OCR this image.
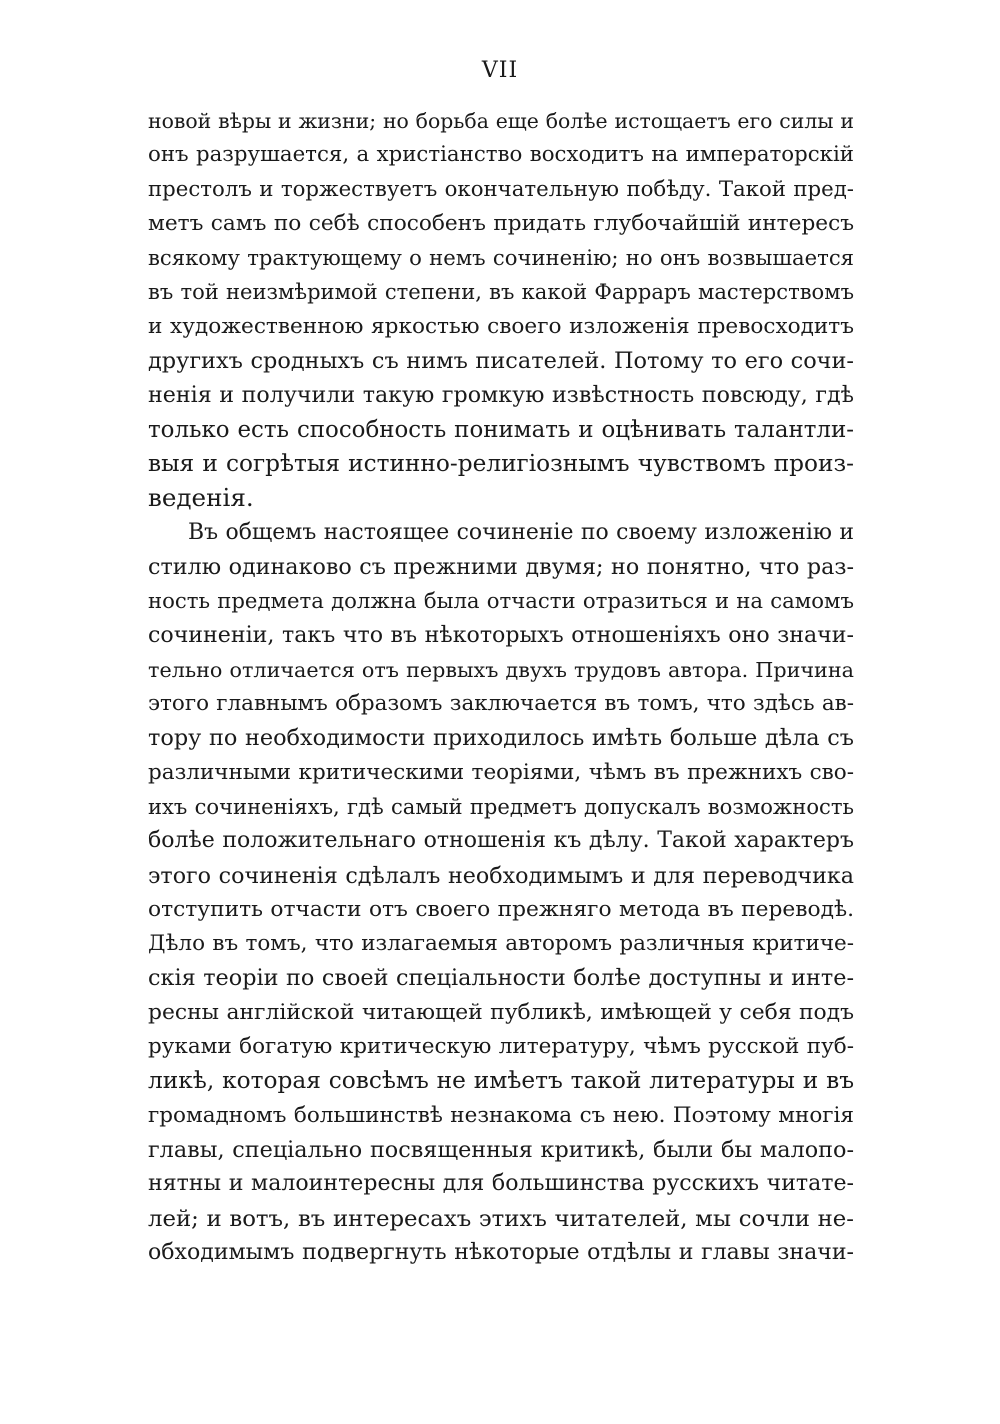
VII
новой вѣры и жизни; но борьба еще болѣе истощаетъ его силы и
онъ разрушается, а христіанство восходитъ на императорскій
престолъ и торжествуетъ окончательную побѣду. Такой пред-
метъ самъ по себѣ способенъ придать глубочайшій интересъ
всякому трактующему о немъ сочиненію; но онъ возвышается
въ той неизмѣримой степени, въ какой Фарраръ мастерствомъ
и художественною яркостью своего изложенія превосходитъ
другихъ сродныхъ съ нимъ писателей. Потому то его сочи-
ненія и получили такую громкую извѣстность повсюду, гдѣ
только есть способность понимать и оцѣнивать талантли-
выя и согрѣтыя истинно-религіознымъ чувствомъ произ-
веденія.
Въ общемъ настоящее сочиненіе по своему изложенію и
стилю одинаково съ прежними двумя; но понятно, что раз-
ность предмета должна была отчасти отразиться и на самомъ
сочиненіи, такъ что въ нѣкоторыхъ отношеніяхъ оно значи-
тельно отличается отъ первыхъ двухъ трудовъ автора. Причина
этого главнымъ образомъ заключается въ томъ, что здѣсь ав-
тору по необходимости приходилось имѣть больше дѣла съ
различными критическими теоріями, чѣмъ въ прежнихъ сво-
ихъ сочиненіяхъ, гдѣ самый предметъ допускалъ возможность
болѣе положительнаго отношенія къ дѣлу. Такой характеръ
этого сочиненія сдѣлалъ необходимымъ и для переводчика
отступить отчасти отъ своего прежняго метода въ переводѣ.
Дѣло въ томъ, что излагаемыя авторомъ различныя критиче-
скія теоріи по своей спеціальности болѣе доступны и инте-
ресны англійской читающей публикѣ, имѣющей у себя подъ
руками богатую критическую литературу, чѣмъ русской пуб-
ликѣ, которая совсѣмъ не имѣетъ такой литературы и въ
громадномъ большинствѣ незнакома съ нею. Поэтому многія
главы, спеціально посвященныя критикѣ, были бы малопо-
нятны и малоинтересны для большинства русскихъ читате-
лей; и вотъ, въ интересахъ этихъ читателей, мы сочли не-
обходимымъ подвергнуть нѣкоторые отдѣлы и главы значи-
